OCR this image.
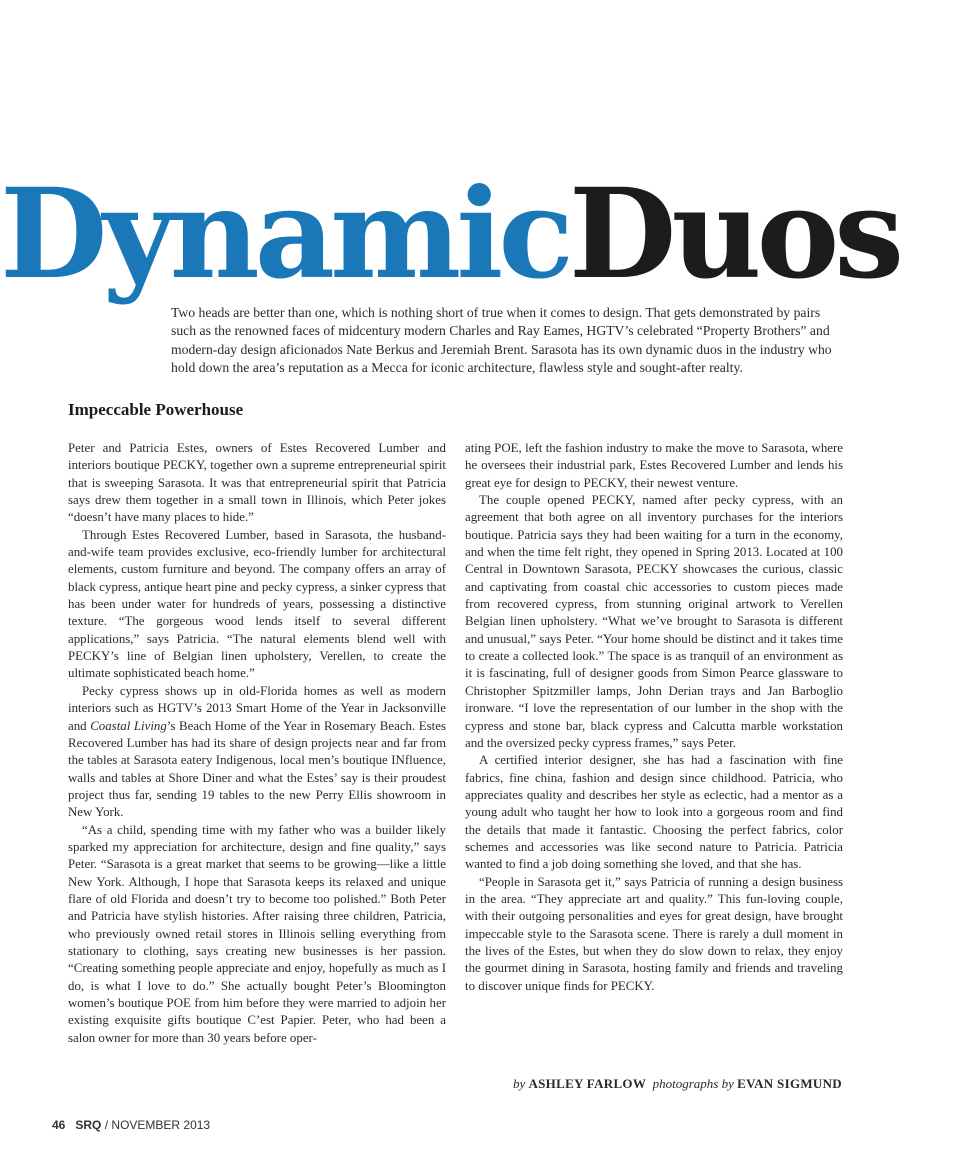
DynamicDuos
Two heads are better than one, which is nothing short of true when it comes to design. That gets demonstrated by pairs such as the renowned faces of midcentury modern Charles and Ray Eames, HGTV’s celebrated “Property Brothers” and modern-day design aficionados Nate Berkus and Jeremiah Brent. Sarasota has its own dynamic duos in the industry who hold down the area’s reputation as a Mecca for iconic architecture, flawless style and sought-after realty.
Impeccable Powerhouse

Peter and Patricia Estes, owners of Estes Recovered Lumber and interiors boutique PECKY, together own a supreme entrepreneurial spirit that is sweeping Sarasota. It was that entrepreneurial spirit that Patricia says drew them together in a small town in Illinois, which Peter jokes “doesn’t have many places to hide.”

Through Estes Recovered Lumber, based in Sarasota, the husband-and-wife team provides exclusive, eco-friendly lumber for architectural elements, custom furniture and beyond. The company offers an array of black cypress, antique heart pine and pecky cypress, a sinker cypress that has been under water for hundreds of years, possessing a distinctive texture. “The gorgeous wood lends itself to several different applications,” says Patricia. “The natural elements blend well with PECKY’s line of Belgian linen upholstery, Verellen, to create the ultimate sophisticated beach home.”

Pecky cypress shows up in old-Florida homes as well as modern interiors such as HGTV’s 2013 Smart Home of the Year in Jacksonville and Coastal Living’s Beach Home of the Year in Rosemary Beach. Estes Recovered Lumber has had its share of design projects near and far from the tables at Sarasota eatery Indigenous, local men’s boutique INfluence, walls and tables at Shore Diner and what the Estes’ say is their proudest project thus far, sending 19 tables to the new Perry Ellis showroom in New York.

“As a child, spending time with my father who was a builder likely sparked my appreciation for architecture, design and fine quality,” says Peter. “Sarasota is a great market that seems to be growing—like a little New York. Although, I hope that Sarasota keeps its relaxed and unique flare of old Florida and doesn’t try to become too polished.” Both Peter and Patricia have stylish histories. After raising three children, Patricia, who previously owned retail stores in Illinois selling everything from stationary to clothing, says creating new businesses is her passion. “Creating something people appreciate and enjoy, hopefully as much as I do, is what I love to do.” She actually bought Peter’s Bloomington women’s boutique POE from him before they were married to adjoin her existing exquisite gifts boutique C’est Papier. Peter, who had been a salon owner for more than 30 years before oper-

ating POE, left the fashion industry to make the move to Sarasota, where he oversees their industrial park, Estes Recovered Lumber and lends his great eye for design to PECKY, their newest venture.

The couple opened PECKY, named after pecky cypress, with an agreement that both agree on all inventory purchases for the interiors boutique. Patricia says they had been waiting for a turn in the economy, and when the time felt right, they opened in Spring 2013. Located at 100 Central in Downtown Sarasota, PECKY showcases the curious, classic and captivating from coastal chic accessories to custom pieces made from recovered cypress, from stunning original artwork to Verellen Belgian linen upholstery. “What we’ve brought to Sarasota is different and unusual,” says Peter. “Your home should be distinct and it takes time to create a collected look.” The space is as tranquil of an environment as it is fascinating, full of designer goods from Simon Pearce glassware to Christopher Spitzmiller lamps, John Derian trays and Jan Barboglio ironware. “I love the representation of our lumber in the shop with the cypress and stone bar, black cypress and Calcutta marble workstation and the oversized pecky cypress frames,” says Peter.

A certified interior designer, she has had a fascination with fine fabrics, fine china, fashion and design since childhood. Patricia, who appreciates quality and describes her style as eclectic, had a mentor as a young adult who taught her how to look into a gorgeous room and find the details that made it fantastic. Choosing the perfect fabrics, color schemes and accessories was like second nature to Patricia. Patricia wanted to find a job doing something she loved, and that she has.

“People in Sarasota get it,” says Patricia of running a design business in the area. “They appreciate art and quality.” This fun-loving couple, with their outgoing personalities and eyes for great design, have brought impeccable style to the Sarasota scene. There is rarely a dull moment in the lives of the Estes, but when they do slow down to relax, they enjoy the gourmet dining in Sarasota, hosting family and friends and traveling to discover unique finds for PECKY.

by ASHLEY FARLOW photographs by EVAN SIGMUND
46 SRQ / NOVEMBER 2013
